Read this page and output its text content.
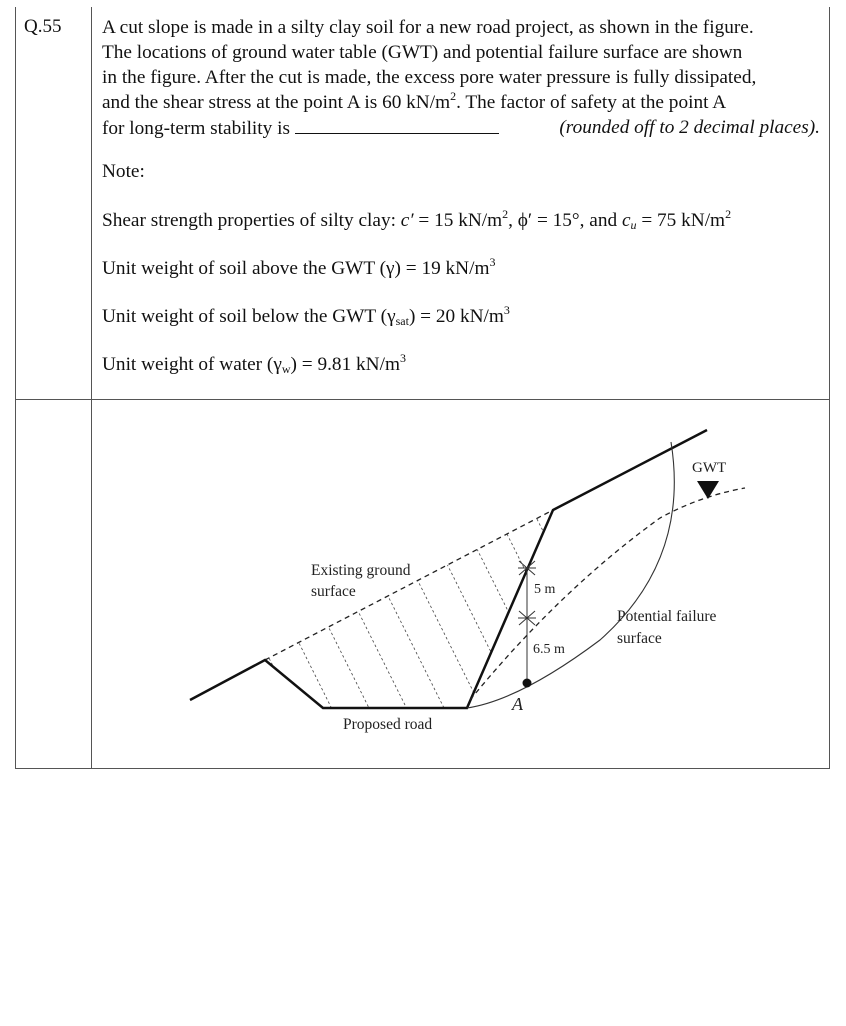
Q.55 A cut slope is made in a silty clay soil for a new road project, as shown in the figure.
The locations of ground water table (GWT) and potential failure surface are shown
in the figure. After the cut is made, the excess pore water pressure is fully dissipated,
and the shear stress at the point A is 60 $kN/m^2$. The factor of safety at the point A
for long-term stability is	(rounded off to 2 decimal places).
Note:
Shear strength properties of silty clay: c′ = 15 $kN/m^2$, ϕ′ = 15°, and $c_u = 75$ $kN/m^2$
Unit weight of soil above the GWT (γ) = 19 $kN/m^3$
Unit weight of soil below the GWT $(\gamma_{sat}) = 20$ $kN/m^3$
Unit weight of water $(\gamma_w) = 9.81$ $kN/m^3$
Existing ground
surface
GWT
5 m
6.5 m
Potential failure
surface
A
Proposed road
